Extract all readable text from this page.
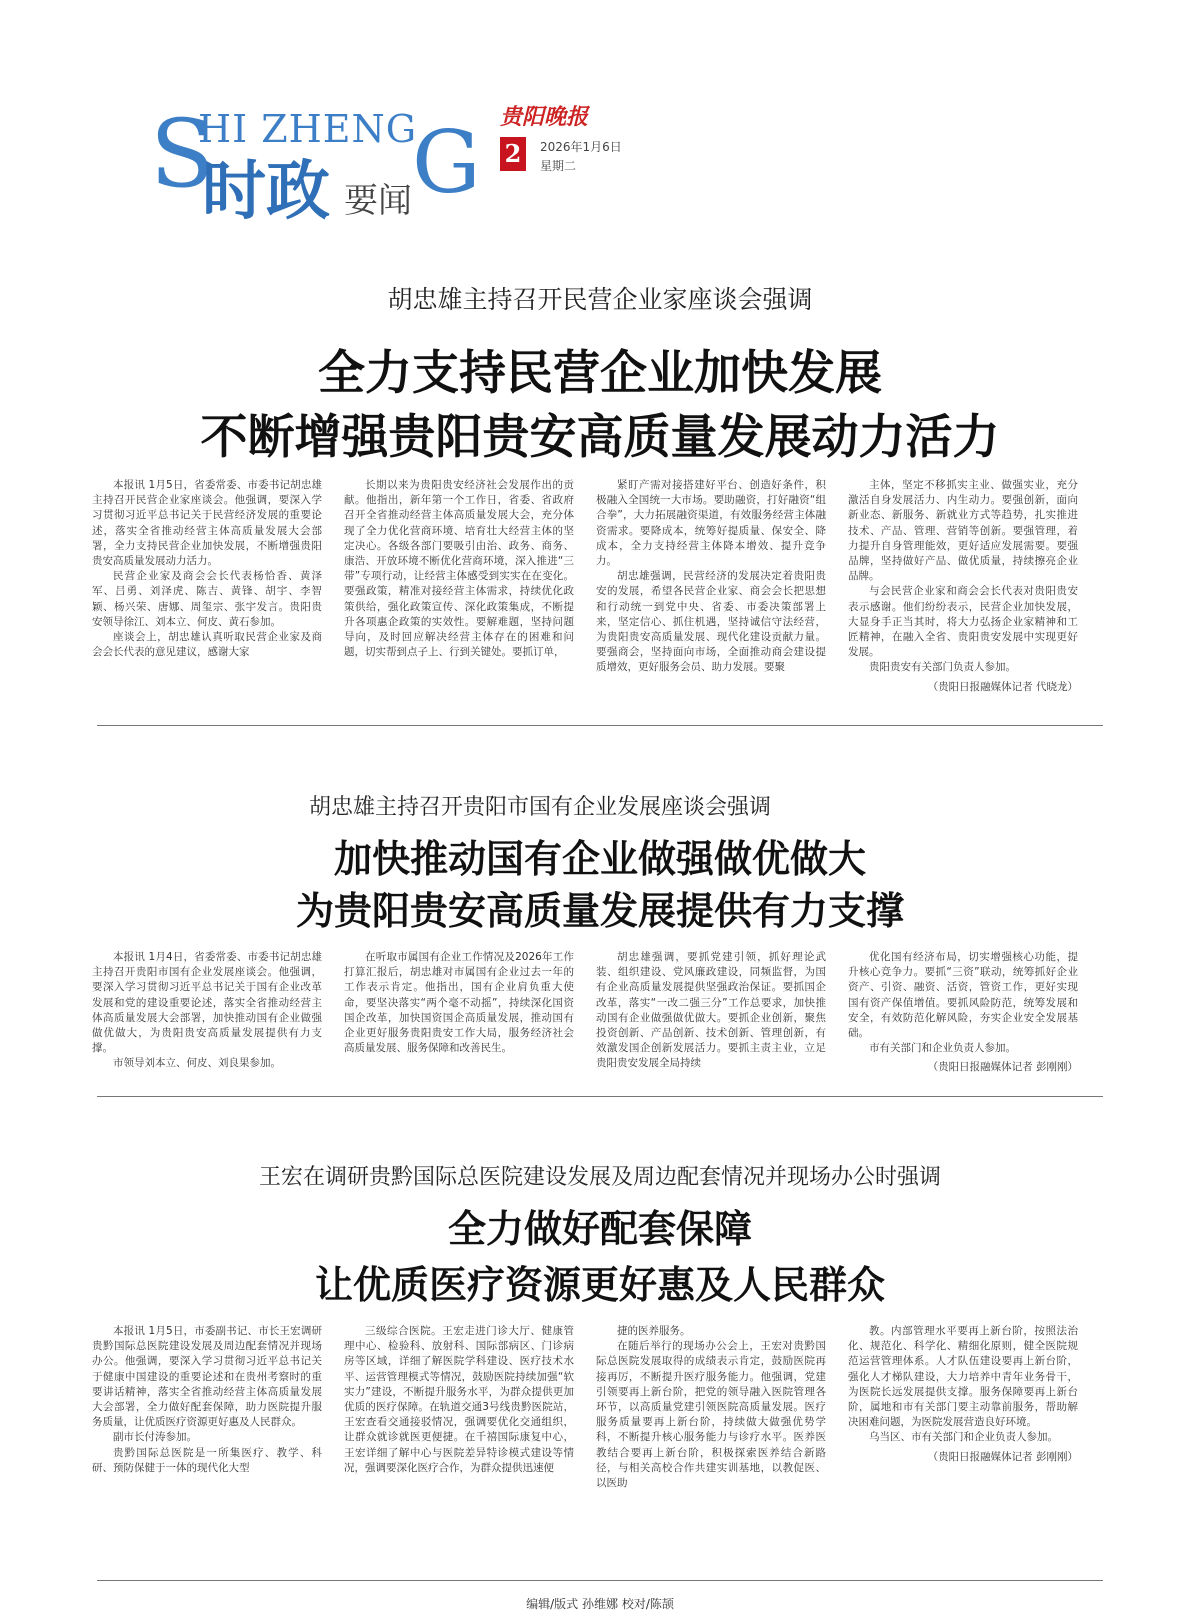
S
HI ZHENG
G
时政 要闻
贵阳晚报
2	2026年1月6日
星期二
胡忠雄主持召开民营企业家座谈会强调
全力支持民营企业加快发展
不断增强贵阳贵安高质量发展动力活力

本报讯 1月5日，省委常委、市委书记胡忠雄主持召开民营企业家座谈会。他强调，要深入学习贯彻习近平总书记关于民营经济发展的重要论述，落实全省推动经营主体高质量发展大会部署，全力支持民营企业加快发展，不断增强贵阳贵安高质量发展动力活力。

民营企业家及商会会长代表杨恰香、黄泽军、吕勇、刘泽虎、陈吉、黄锋、胡宇、李智颖、杨兴荣、唐娜、周玺宗、张宇发言。贵阳贵安领导徐江、刘本立、何皮、黄石参加。

座谈会上，胡忠雄认真听取民营企业家及商会会长代表的意见建议，感谢大家

长期以来为贵阳贵安经济社会发展作出的贡献。他指出，新年第一个工作日，省委、省政府召开全省推动经营主体高质量发展大会，充分体现了全力优化营商环境、培育壮大经营主体的坚定决心。各级各部门要吸引由治、政务、商务、康浩、开放环境不断优化营商环境，深入推进“三带”专项行动，让经营主体感受到实实在在变化。要强政策，精准对接经营主体需求，持续优化政策供给，强化政策宣传、深化政策集成，不断提升各项惠企政策的实效性。要解难题，坚持问题导向，及时回应解决经营主体存在的困难和问题，切实帮到点子上、行到关键处。要抓订单，

紧盯产需对接搭建好平台、创造好条件，积极融入全国统一大市场。要助融资，打好融资“组合拳”，大力拓展融资渠道，有效服务经营主体融资需求。要降成本，统筹好提质量、保安全、降成本，全力支持经营主体降本增效、提升竞争力。

胡忠雄强调，民营经济的发展决定着贵阳贵安的发展，希望各民营企业家、商会会长把思想和行动统一到党中央、省委、市委决策部署上来，坚定信心、抓住机遇，坚持诚信守法经营，为贵阳贵安高质量发展、现代化建设贡献力量。要强商会，坚持面向市场，全面推动商会建设提质增效，更好服务会员、助力发展。要聚

主体，坚定不移抓实主业、做强实业，充分激活自身发展活力、内生动力。要强创新，面向新业态、新服务、新就业方式等趋势，扎实推进技术、产品、管理、营销等创新。要强管理，着力提升自身管理能效，更好适应发展需要。要强品牌，坚持做好产品、做优质量，持续擦亮企业品牌。

与会民营企业家和商会会长代表对贵阳贵安表示感谢。他们纷纷表示，民营企业加快发展，大显身手正当其时，将大力弘扬企业家精神和工匠精神，在融入全省、贵阳贵安发展中实现更好发展。

贵阳贵安有关部门负责人参加。

（贵阳日报融媒体记者 代晓龙）

胡忠雄主持召开贵阳市国有企业发展座谈会强调
加快推动国有企业做强做优做大
为贵阳贵安高质量发展提供有力支撑

本报讯 1月4日，省委常委、市委书记胡忠雄主持召开贵阳市国有企业发展座谈会。他强调，要深入学习贯彻习近平总书记关于国有企业改革发展和党的建设重要论述，落实全省推动经营主体高质量发展大会部署，加快推动国有企业做强做优做大，为贵阳贵安高质量发展提供有力支撑。

市领导刘本立、何皮、刘良果参加。

在听取市属国有企业工作情况及2026年工作打算汇报后，胡忠雄对市属国有企业过去一年的工作表示肯定。他指出，国有企业肩负重大使命，要坚决落实“两个毫不动摇”，持续深化国资国企改革，加快国资国企高质量发展，推动国有企业更好服务贵阳贵安工作大局，服务经济社会高质量发展、服务保障和改善民生。

胡忠雄强调，要抓党建引领，抓好理论武装、组织建设、党风廉政建设，同频监督，为国有企业高质量发展提供坚强政治保证。要抓国企改革，落实“一改二强三分”工作总要求，加快推动国有企业做强做优做大。要抓企业创新，聚焦投资创新、产品创新、技术创新、管理创新，有效激发国企创新发展活力。要抓主责主业，立足贵阳贵安发展全局持续

优化国有经济布局，切实增强核心功能，提升核心竞争力。要抓“三资”联动，统筹抓好企业资产、引资、融资、活资，管资工作，更好实现国有资产保值增值。要抓风险防范，统筹发展和安全，有效防范化解风险，夯实企业安全发展基础。

市有关部门和企业负责人参加。

（贵阳日报融媒体记者 彭刚刚）

王宏在调研贵黔国际总医院建设发展及周边配套情况并现场办公时强调
全力做好配套保障
让优质医疗资源更好惠及人民群众

本报讯 1月5日，市委副书记、市长王宏调研贵黔国际总医院建设发展及周边配套情况并现场办公。他强调，要深入学习贯彻习近平总书记关于健康中国建设的重要论述和在贵州考察时的重要讲话精神，落实全省推动经营主体高质量发展大会部署，全力做好配套保障，助力医院提升服务质量，让优质医疗资源更好惠及人民群众。

副市长付涛参加。

贵黔国际总医院是一所集医疗、教学、科研、预防保健于一体的现代化大型

三级综合医院。王宏走进门诊大厅、健康管理中心、检验科、放射科、国际部病区、门诊病房等区域，详细了解医院学科建设、医疗技术水平、运营管理模式等情况，鼓励医院持续加强“软实力”建设，不断提升服务水平，为群众提供更加优质的医疗保障。在轨道交通3号线贵黔医院站，王宏查看交通接驳情况，强调要优化交通组织，让群众就诊就医更便捷。在千禧国际康复中心，王宏详细了解中心与医院差异特诊模式建设等情况，强调要深化医疗合作，为群众提供迅速便

捷的医养服务。

在随后举行的现场办公会上，王宏对贵黔国际总医院发展取得的成绩表示肯定，鼓励医院再接再厉，不断提升医疗服务能力。他强调，党建引领要再上新台阶，把党的领导融入医院管理各环节，以高质量党建引领医院高质量发展。医疗服务质量要再上新台阶，持续做大做强优势学科，不断提升核心服务能力与诊疗水平。医养医教结合要再上新台阶，积极探索医养结合新路径，与相关高校合作共建实训基地，以教促医、以医助

教。内部管理水平要再上新台阶，按照法治化、规范化、科学化、精细化原则，健全医院规范运营管理体系。人才队伍建设要再上新台阶，强化人才梯队建设，大力培养中青年业务骨干，为医院长远发展提供支撑。服务保障要再上新台阶，属地和市有关部门要主动靠前服务，帮助解决困难问题，为医院发展营造良好环境。

乌当区、市有关部门和企业负责人参加。

（贵阳日报融媒体记者 彭刚刚）

编辑/版式 孙维娜 校对/陈颉
